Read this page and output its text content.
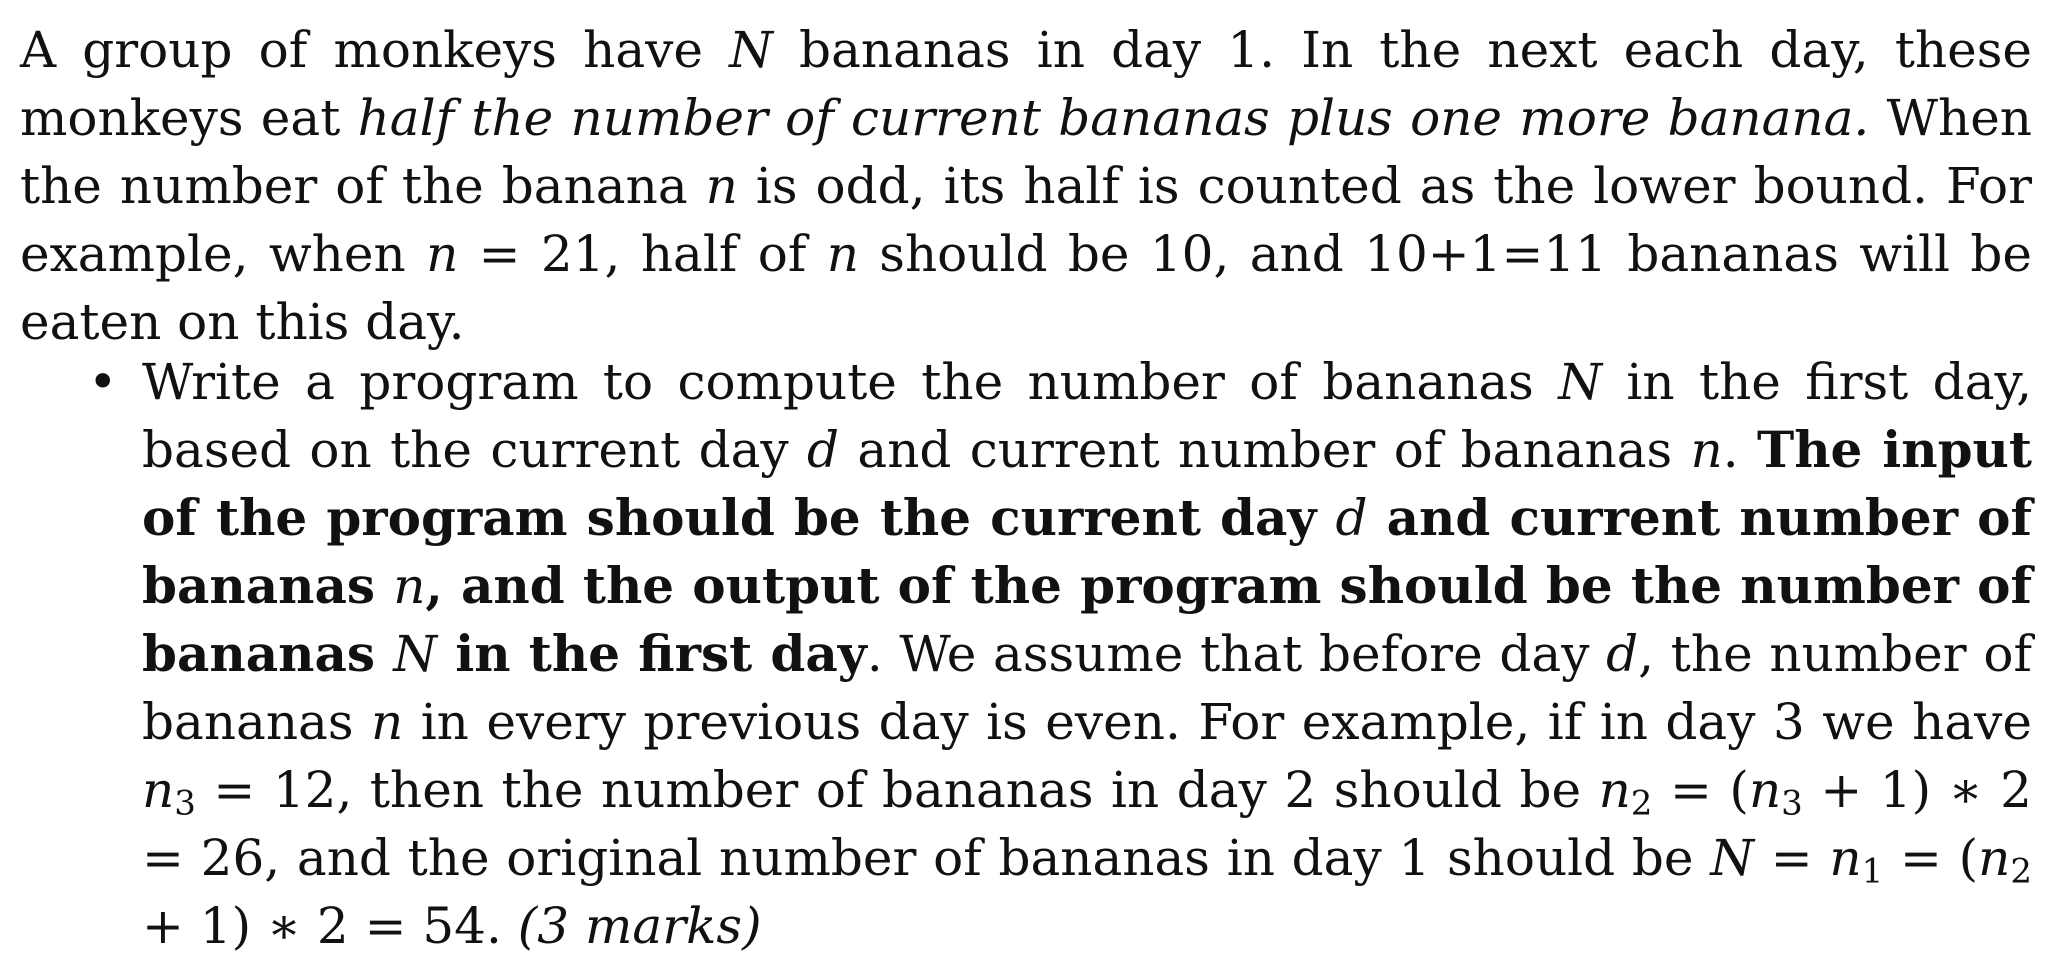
A group of monkeys have N bananas in day 1. In the next each day, these monkeys eat half the number of current bananas plus one more banana. When the number of the banana n is odd, its half is counted as the lower bound. For example, when n = 21, half of n should be 10, and 10+1=11 bananas will be eaten on this day.

• Write a program to compute the number of bananas N in the first day, based on the current day d and current number of bananas n. The input of the program should be the current day d and current number of bananas n, and the output of the program should be the number of bananas N in the first day. We assume that before day d, the number of bananas n in every previous day is even. For example, if in day 3 we have $n_3 = 12$, then the number of bananas in day 2 should be $n_2 = (n_3 + 1)$ ∗ 2 = 26, and the original number of bananas in day 1 should be $N = n_1 = (n_2 + 1)$ ∗ 2 = 54. (3 marks)
